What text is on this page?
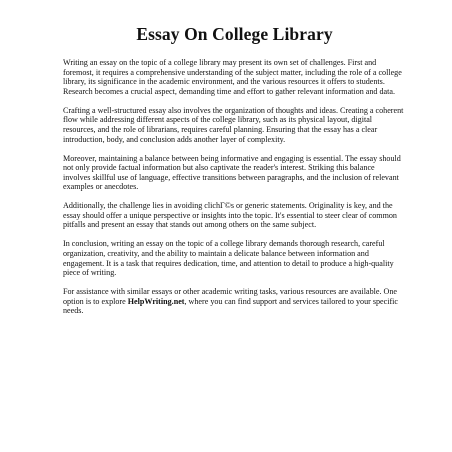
Essay On College Library

Writing an essay on the topic of a college library may present its own set of challenges. First and foremost, it requires a comprehensive understanding of the subject matter, including the role of a college library, its significance in the academic environment, and the various resources it offers to students. Research becomes a crucial aspect, demanding time and effort to gather relevant information and data.

Crafting a well-structured essay also involves the organization of thoughts and ideas. Creating a coherent flow while addressing different aspects of the college library, such as its physical layout, digital resources, and the role of librarians, requires careful planning. Ensuring that the essay has a clear introduction, body, and conclusion adds another layer of complexity.

Moreover, maintaining a balance between being informative and engaging is essential. The essay should not only provide factual information but also captivate the reader's interest. Striking this balance involves skillful use of language, effective transitions between paragraphs, and the inclusion of relevant examples or anecdotes.

Additionally, the challenge lies in avoiding clichГ©s or generic statements. Originality is key, and the essay should offer a unique perspective or insights into the topic. It's essential to steer clear of common pitfalls and present an essay that stands out among others on the same subject.

In conclusion, writing an essay on the topic of a college library demands thorough research, careful organization, creativity, and the ability to maintain a delicate balance between information and engagement. It is a task that requires dedication, time, and attention to detail to produce a high-quality piece of writing.

For assistance with similar essays or other academic writing tasks, various resources are available. One option is to explore HelpWriting.net, where you can find support and services tailored to your specific needs.
